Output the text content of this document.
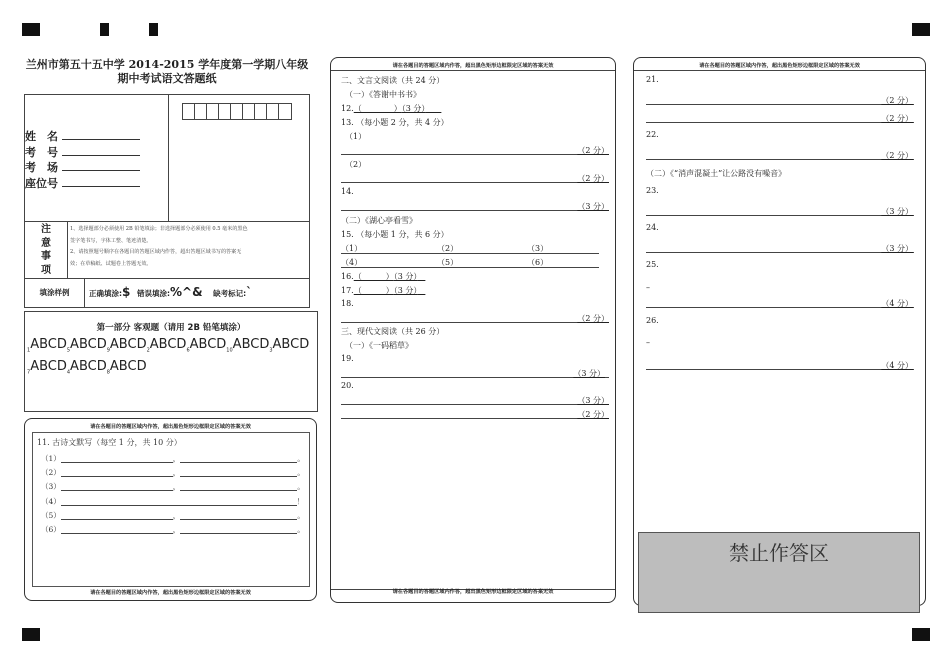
兰州市第五十五中学 2014-2015 学年度第一学期八年级
期中考试语文答题纸
姓　名
考　号
考　场
座位号
注
意
事
项
1、选择题部分必须使用 2B 铅笔填涂；非选择题部分必须使用 0.5 毫米的黑色
签字笔书写，字体工整、笔迹清楚。
2、请按照题号顺序在各题目的答题区域内作答，超出答题区域书写的答案无
效；在草稿纸、试题卷上答题无效。
填涂样例	正确填涂:$ 错误填涂:%^& 缺考标记:`
第一部分 客观题（请用 2B 铅笔填涂）
$_1ABCD_5ABCD_9ABCD_2ABCD_6ABCD_{10}ABCD_3ABCD$
$_7ABCD_4ABCD_8ABCD$
请在各题目的答题区域内作答，超出黑色矩形边框限定区域的答案无效
11. 古诗文默写（每空 1 分，共 10 分）
（1）	，	。
（2）	，	。
（3）	，	。
（4）	！
（5）	，	。
（6）	，	。
请在各题目的答题区域内作答，超出黑色矩形边框限定区域的答案无效
请在各题目的答题区域内作答，超出黑色矩形边框限定区域的答案无效
二、文言文阅读（共 24 分）
（一）《答谢中书书》
12.（　　　　）（3 分）　　
13. （每小题 2 分，共 4 分）
（1）
（2 分）
（2）
（2 分）
14.
（3 分）
（二）《湖心亭看雪》
15. （每小题 1 分，共 6 分）
（1）	（2）	（3）
（4）	（5）	（6）
16.（　　　）（3 分）　
17.（　　　）（3 分）　
18.
（2 分）
三、现代文阅读（共 26 分）
（一）《一码稻草》
19.
（3 分）
20.
（3 分）
（2 分）
请在各题目的答题区域内作答，超出黑色矩形边框限定区域的答案无效
请在各题目的答题区域内作答，超出黑色矩形边框限定区域的答案无效
21.
（2 分）
（2 分）
22.
（2 分）
（二）《“消声混凝土”让公路没有噪音》
23.
（3 分）
24.
（3 分）
25.
–
（4 分）
26.
–
（4 分）
禁止作答区
